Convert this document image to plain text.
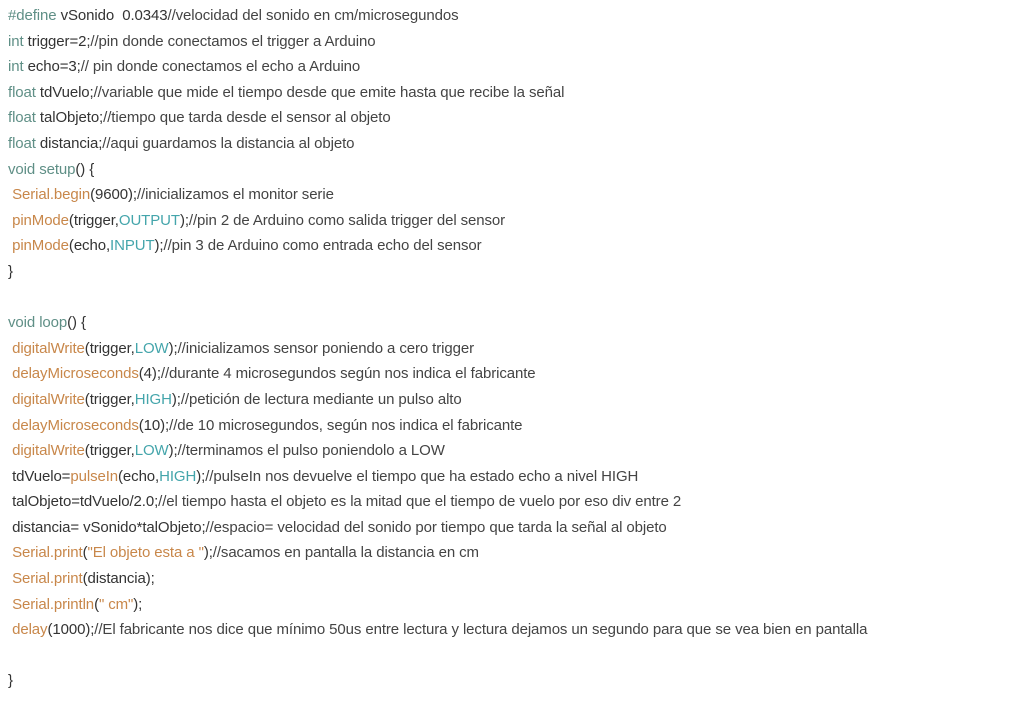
#define vSonido  0.0343//velocidad del sonido en cm/microsegundos
int trigger=2;//pin donde conectamos el trigger a Arduino
int echo=3;// pin donde conectamos el echo a Arduino
float tdVuelo;//variable que mide el tiempo desde que emite hasta que recibe la señal
float talObjeto;//tiempo que tarda desde el sensor al objeto
float distancia;//aqui guardamos la distancia al objeto
void setup() {
Serial.begin(9600);//inicializamos el monitor serie
pinMode(trigger,OUTPUT);//pin 2 de Arduino como salida trigger del sensor
pinMode(echo,INPUT);//pin 3 de Arduino como entrada echo del sensor
}
void loop() {
digitalWrite(trigger,LOW);//inicializamos sensor poniendo a cero trigger
delayMicroseconds(4);//durante 4 microsegundos según nos indica el fabricante
digitalWrite(trigger,HIGH);//petición de lectura mediante un pulso alto
delayMicroseconds(10);//de 10 microsegundos, según nos indica el fabricante
digitalWrite(trigger,LOW);//terminamos el pulso poniendolo a LOW
tdVuelo=pulseIn(echo,HIGH);//pulseIn nos devuelve el tiempo que ha estado echo a nivel HIGH
talObjeto=tdVuelo/2.0;//el tiempo hasta el objeto es la mitad que el tiempo de vuelo por eso div entre 2
distancia= vSonido*talObjeto;//espacio= velocidad del sonido por tiempo que tarda la señal al objeto
Serial.print("El objeto esta a ");//sacamos en pantalla la distancia en cm
Serial.print(distancia);
Serial.println(" cm");
delay(1000);//El fabricante nos dice que mínimo 50us entre lectura y lectura dejamos un segundo para que se vea bien en pantalla
}
